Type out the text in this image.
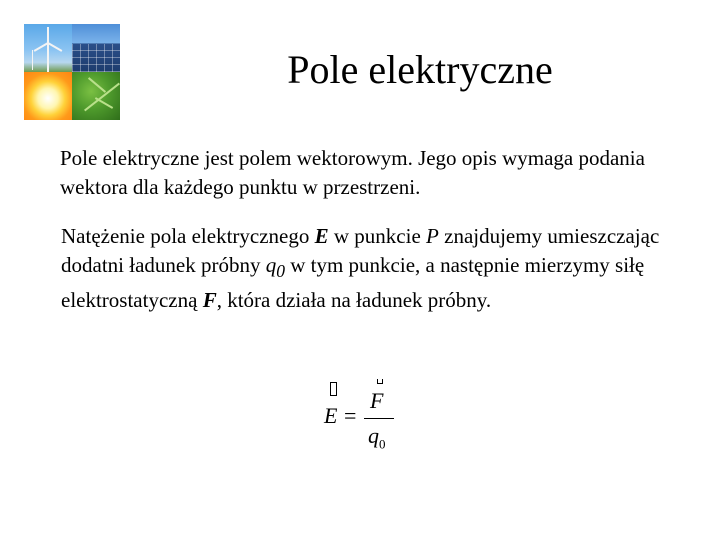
Pole elektryczne
Pole elektryczne jest polem wektorowym. Jego opis wymaga podania wektora dla każdego punktu w przestrzeni.
Natężenie pola elektrycznego E w punkcie P znajdujemy umieszczając dodatni ładunek próbny $q_0$ w tym punkcie, a następnie mierzymy siłę elektrostatyczną F, która działa na ładunek próbny.
E =
F
$q_0$
